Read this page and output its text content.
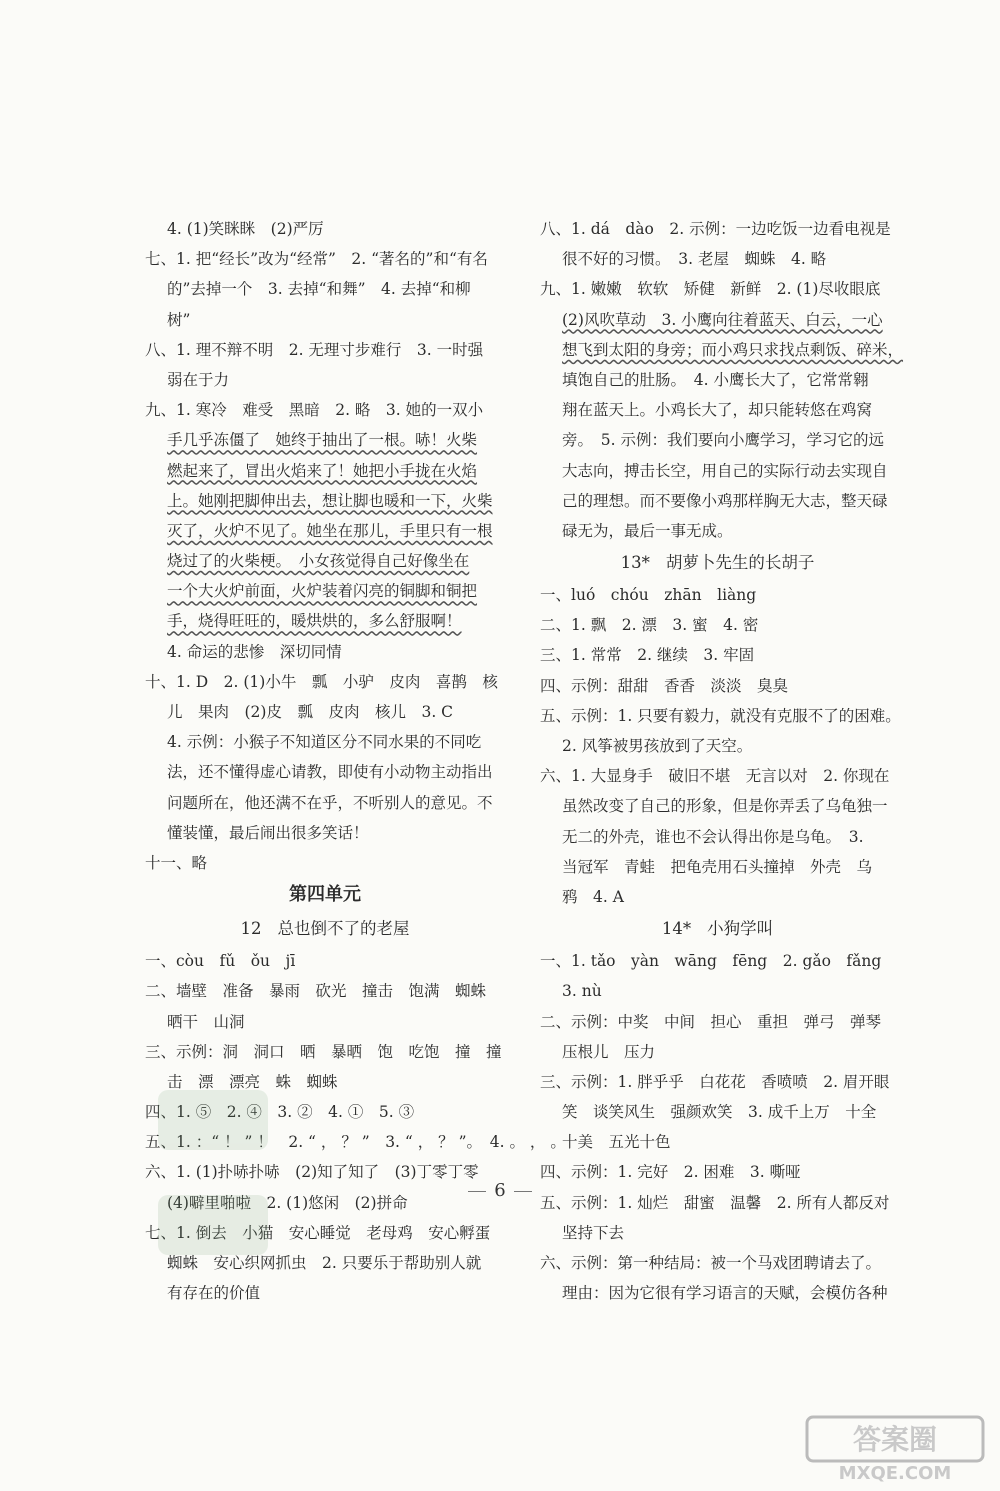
4. (1)笑眯眯　(2)严厉
七、1. 把“经长”改为“经常”　2. “著名的”和“有名
的”去掉一个　3. 去掉“和舞”　4. 去掉“和柳
树”
八、1. 理不辩不明　2. 无理寸步难行　3. 一时强
弱在于力
九、1. 寒冷　难受　黑暗　2. 略　3. 她的一双小
手几乎冻僵了　她终于抽出了一根。哧！火柴
燃起来了，冒出火焰来了！她把小手拢在火焰
上。她刚把脚伸出去，想让脚也暖和一下，火柴
灭了，火炉不见了。她坐在那儿，手里只有一根
烧过了的火柴梗。　小女孩觉得自己好像坐在
一个大火炉前面，火炉装着闪亮的铜脚和铜把
手，烧得旺旺的，暖烘烘的，多么舒服啊！
4. 命运的悲惨　深切同情
十、1. D　2. (1)小牛　瓢　小驴　皮肉　喜鹊　核
儿　果肉　(2)皮　瓢　皮肉　核儿　3. C
4. 示例：小猴子不知道区分不同水果的不同吃
法，还不懂得虚心请教，即使有小动物主动指出
问题所在，他还满不在乎，不听别人的意见。不
懂装懂，最后闹出很多笑话！
十一、略
第四单元
12 总也倒不了的老屋
一、còu　fǔ　ǒu　jī
二、墙壁　准备　暴雨　砍光　撞击　饱满　蜘蛛
晒干　山洞
三、示例：洞　洞口　晒　暴晒　饱　吃饱　撞　撞
击　漂　漂亮　蛛　蜘蛛
四、1. ⑤　2. ④　3. ②　4. ①　5. ③
五、1. ：“ ！ ” ！　2. “ ， ？ ”　3. “ ， ？ ”。　4. 。 ， 。
六、1. (1)扑哧扑哧　(2)知了知了　(3)丁零丁零
(4)噼里啪啦　2. (1)悠闲　(2)拼命
七、1. 倒去　小猫　安心睡觉　老母鸡　安心孵蛋
蜘蛛　安心织网抓虫　2. 只要乐于帮助别人就
有存在的价值
八、1. dá　dào　2. 示例：一边吃饭一边看电视是
很不好的习惯。　3. 老屋　蜘蛛　4. 略
九、1. 嫩嫩　软软　矫健　新鲜　2. (1)尽收眼底
(2)风吹草动　3. 小鹰向往着蓝天、白云，一心
想飞到太阳的身旁；而小鸡只求找点剩饭、碎米，
填饱自己的肚肠。　4. 小鹰长大了，它常常翱
翔在蓝天上。小鸡长大了，却只能转悠在鸡窝
旁。　5. 示例：我们要向小鹰学习，学习它的远
大志向，搏击长空，用自己的实际行动去实现自
己的理想。而不要像小鸡那样胸无大志，整天碌
碌无为，最后一事无成。
13* 胡萝卜先生的长胡子
一、luó　chóu　zhān　liàng
二、1. 飘　2. 漂　3. 蜜　4. 密
三、1. 常常　2. 继续　3. 牢固
四、示例：甜甜　香香　淡淡　臭臭
五、示例：1. 只要有毅力，就没有克服不了的困难。
2. 风筝被男孩放到了天空。
六、1. 大显身手　破旧不堪　无言以对　2. 你现在
虽然改变了自己的形象，但是你弄丢了乌龟独一
无二的外壳，谁也不会认得出你是乌龟。　3.
当冠军　青蛙　把龟壳用石头撞掉　外壳　乌
鸦　4. A
14* 小狗学叫
一、1. tǎo　yàn　wāng　fēng　2. gǎo　fǎng
3. nù
二、示例：中奖　中间　担心　重担　弹弓　弹琴
压根儿　压力
三、示例：1. 胖乎乎　白花花　香喷喷　2. 眉开眼
笑　谈笑风生　强颜欢笑　3. 成千上万　十全
十美　五光十色
四、示例：1. 完好　2. 困难　3. 嘶哑
五、示例：1. 灿烂　甜蜜　温馨　2. 所有人都反对
坚持下去
六、示例：第一种结局：被一个马戏团聘请去了。
理由：因为它很有学习语言的天赋，会模仿各种
6
答案圈
MXQE.COM
